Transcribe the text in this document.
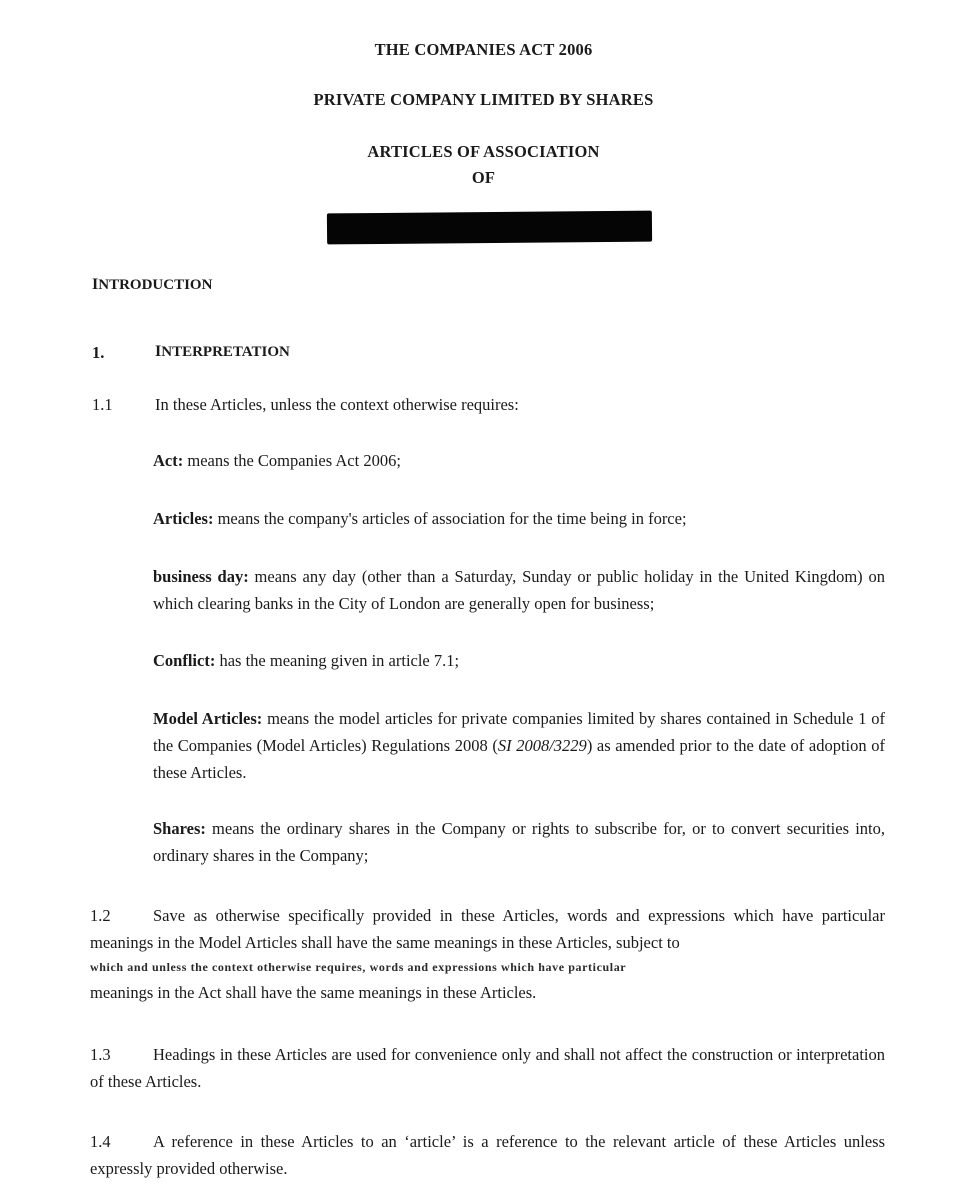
THE COMPANIES ACT 2006
PRIVATE COMPANY LIMITED BY SHARES
ARTICLES OF ASSOCIATION
OF
INTRODUCTION
1.	INTERPRETATION
1.1	In these Articles, unless the context otherwise requires:
Act: means the Companies Act 2006;
Articles: means the company's articles of association for the time being in force;
business day: means any day (other than a Saturday, Sunday or public holiday in the United Kingdom) on which clearing banks in the City of London are generally open for business;
Conflict: has the meaning given in article 7.1;
Model Articles: means the model articles for private companies limited by shares contained in Schedule 1 of the Companies (Model Articles) Regulations 2008 (SI 2008/3229) as amended prior to the date of adoption of these Articles.
Shares: means the ordinary shares in the Company or rights to subscribe for, or to convert securities into, ordinary shares in the Company;
1.2	Save as otherwise specifically provided in these Articles, words and expressions which have particular meanings in the Model Articles shall have the same meanings in these Articles, subject to
which and unless the context otherwise requires, words and expressions which have particular
meanings in the Act shall have the same meanings in these Articles.
1.3	Headings in these Articles are used for convenience only and shall not affect the construction or interpretation of these Articles.
1.4	A reference in these Articles to an ‘article’ is a reference to the relevant article of these Articles unless expressly provided otherwise.
